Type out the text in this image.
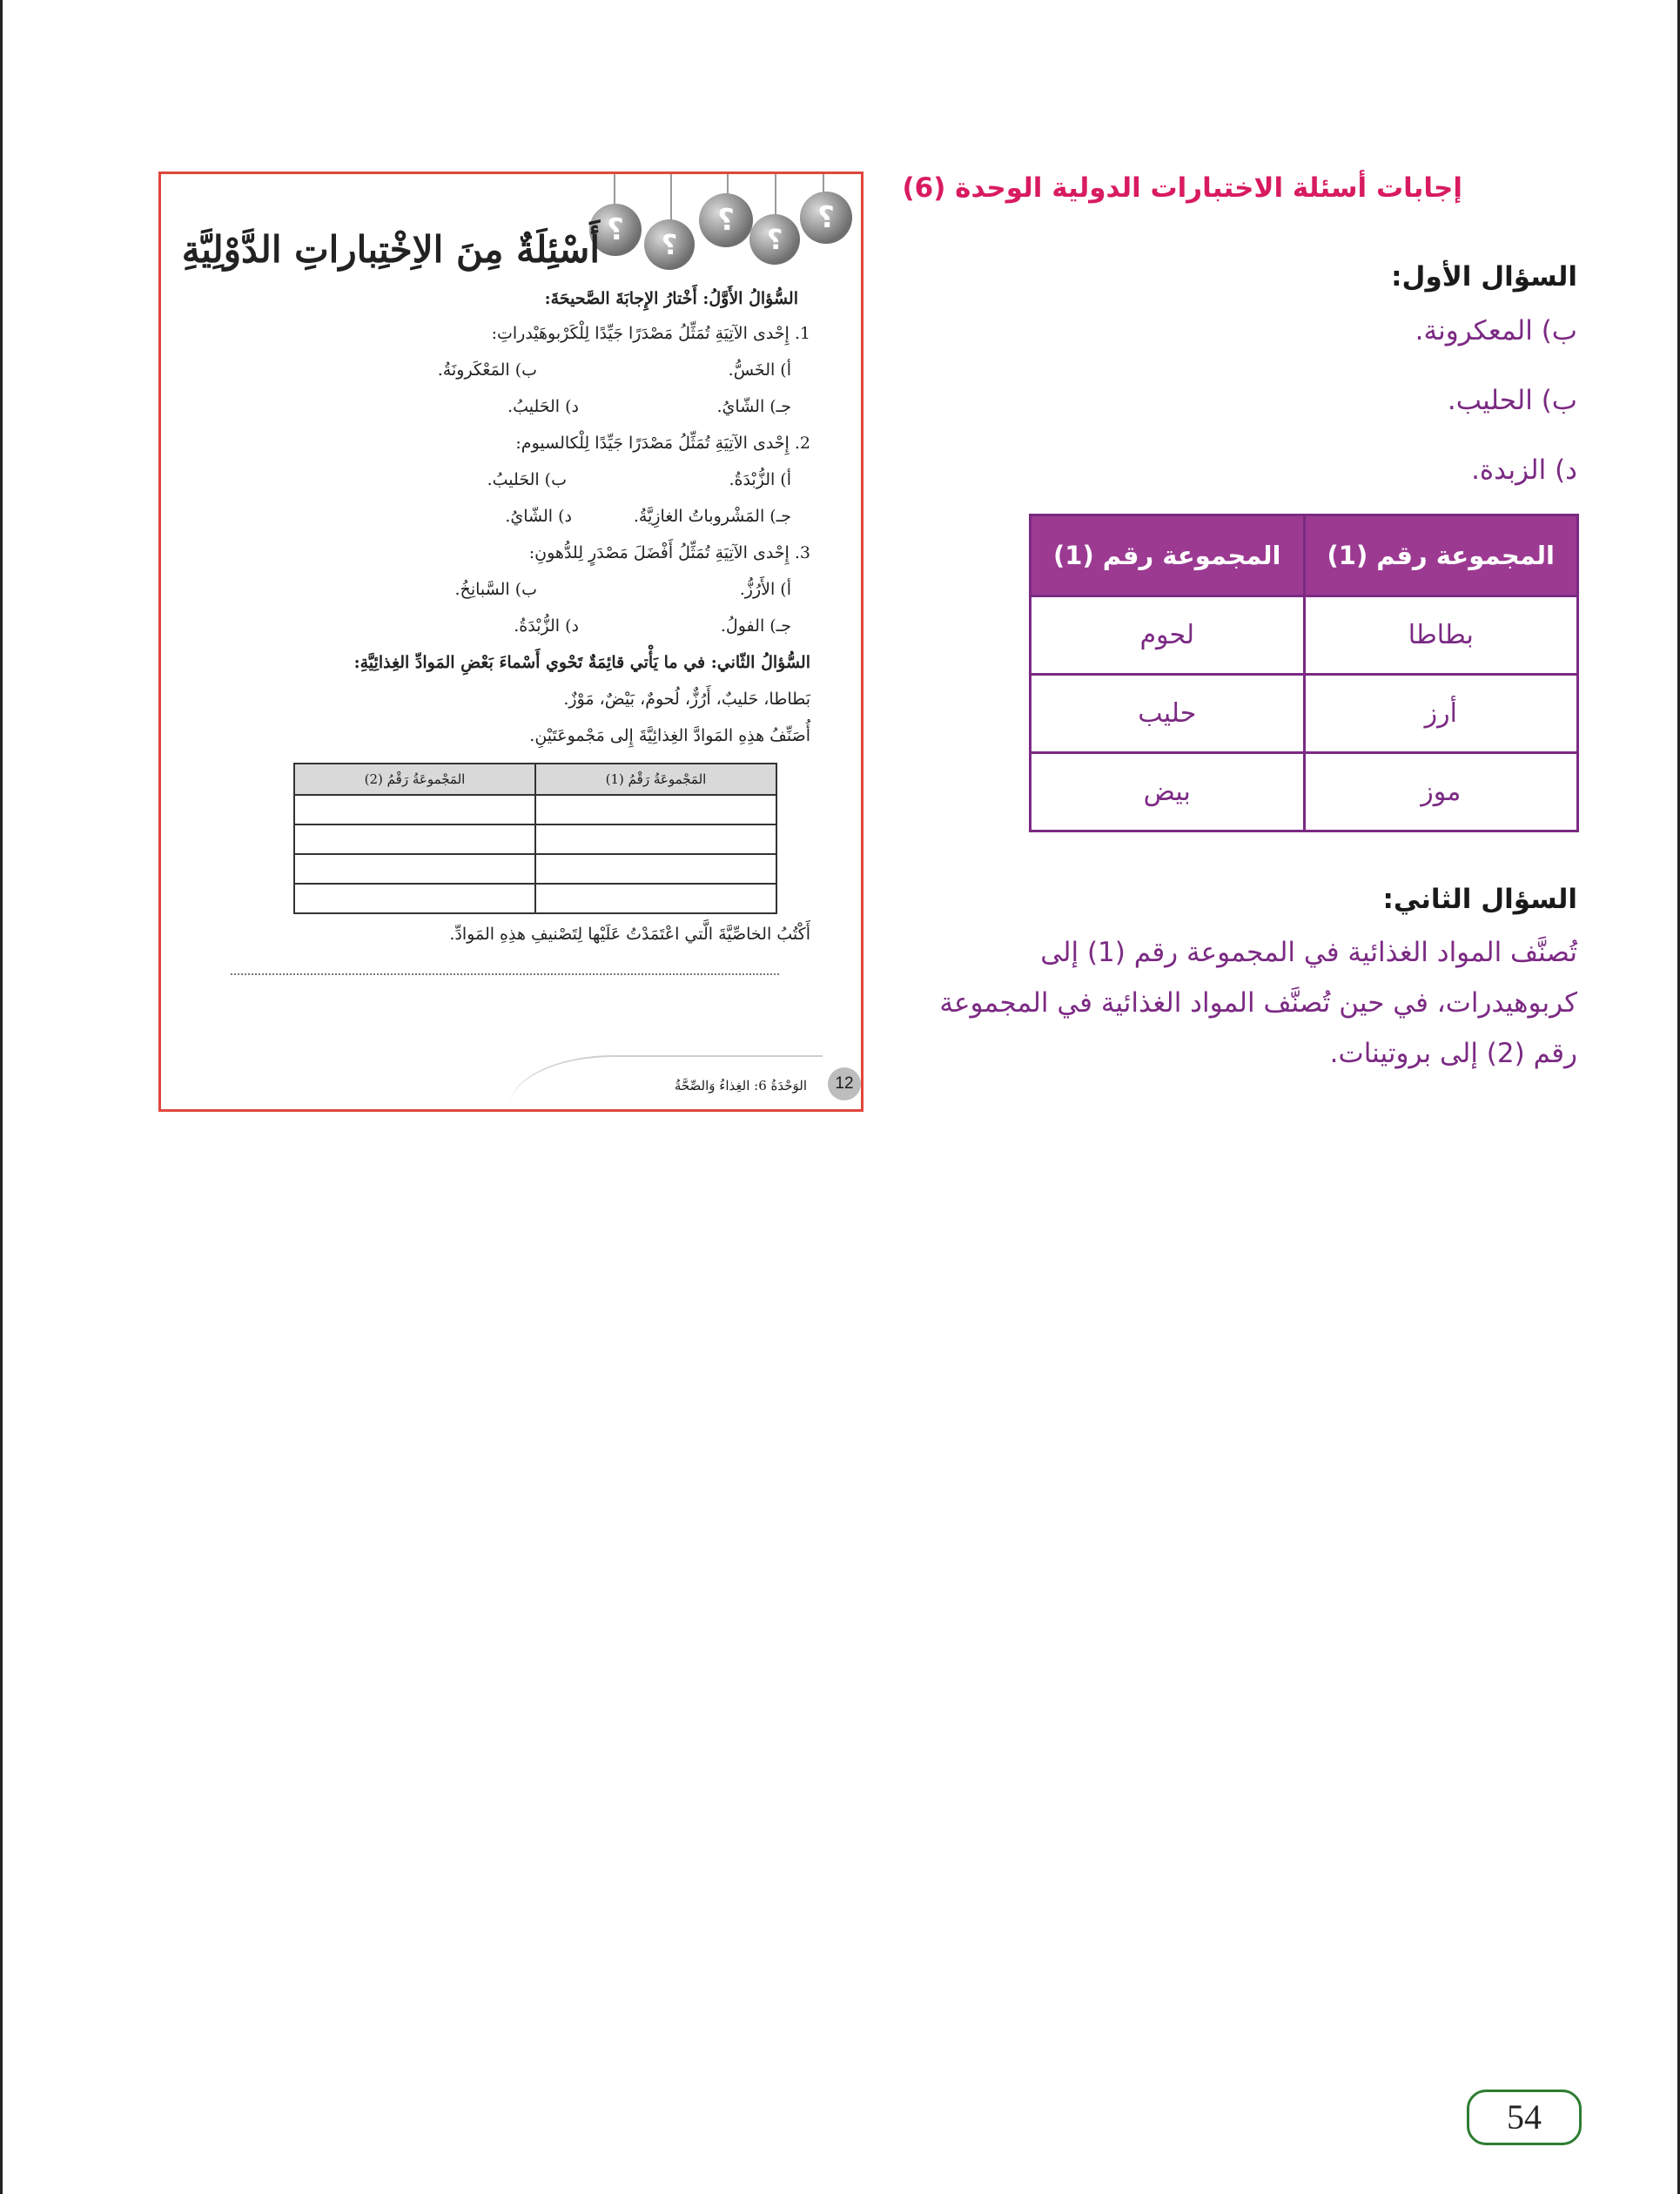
؟	؟
؟
؟
؟
أَسْئِلَةٌ مِنَ الاِخْتِباراتِ الدَّوْلِيَّةِ
السُّؤالُ الأَوَّلُ: أَخْتارُ الإِجابَةَ الصَّحيحَةَ:
1. إِحْدى الآتِيَةِ تُمَثِّلُ مَصْدَرًا جَيِّدًا لِلْكَرْبوهَيْدراتِ:
أ) الخَسُّ.
ب) المَعْكَرونَةُ.
جـ) الشّايُ.
د) الحَليبُ.
2. إِحْدى الآتِيَةِ تُمَثِّلُ مَصْدَرًا جَيِّدًا لِلْكالسيوم:
أ) الزُّبْدَةُ.
ب) الحَليبُ.
جـ) المَشْروباتُ الغازِيَّةُ.
د) الشّايُ.
3. إِحْدى الآتِيَةِ تُمَثِّلُ أَفْضَلَ مَصْدَرٍ لِلدُّهونِ:
أ) الأَرُزُّ.
ب) السَّبانِخُ.
جـ) الفولُ.
د) الزُّبْدَةُ.
السُّؤالُ الثّاني: في ما يَأْتي قائِمَةٌ تَحْوي أَسْماءَ بَعْضِ المَوادِّ الغِذائِيَّةِ:
بَطاطا، حَليبٌ، أَرُزٌّ، لُحومٌ، بَيْضٌ، مَوْزٌ.
أُصَنِّفُ هذِهِ المَوادَّ الغِذائِيَّةَ إِلى مَجْموعَتَيْنِ.
المَجْموعَةُ رَقْمُ (1)	المَجْموعَةُ رَقْمُ (2)

أَكْتُبُ الخاصِّيَّةَ الَّتي اعْتَمَدْتُ عَلَيْها لِتَصْنيفِ هذِهِ المَوادِّ.
الوَحْدَةُ 6: الغِذاءُ وَالصِّحَّةُ	12
إجابات أسئلة الاختبارات الدولية الوحدة (6)
السؤال الأول:
ب) المعكرونة.
ب) الحليب.
د) الزبدة.
المجموعة رقم (1)	المجموعة رقم (1)
بطاطا	لحوم
أرز	حليب
موز	بيض
السؤال الثاني:
تُصنَّف المواد الغذائية في المجموعة رقم (1) إلى كربوهيدرات، في حين تُصنَّف المواد الغذائية في المجموعة رقم (2) إلى بروتينات.
54
